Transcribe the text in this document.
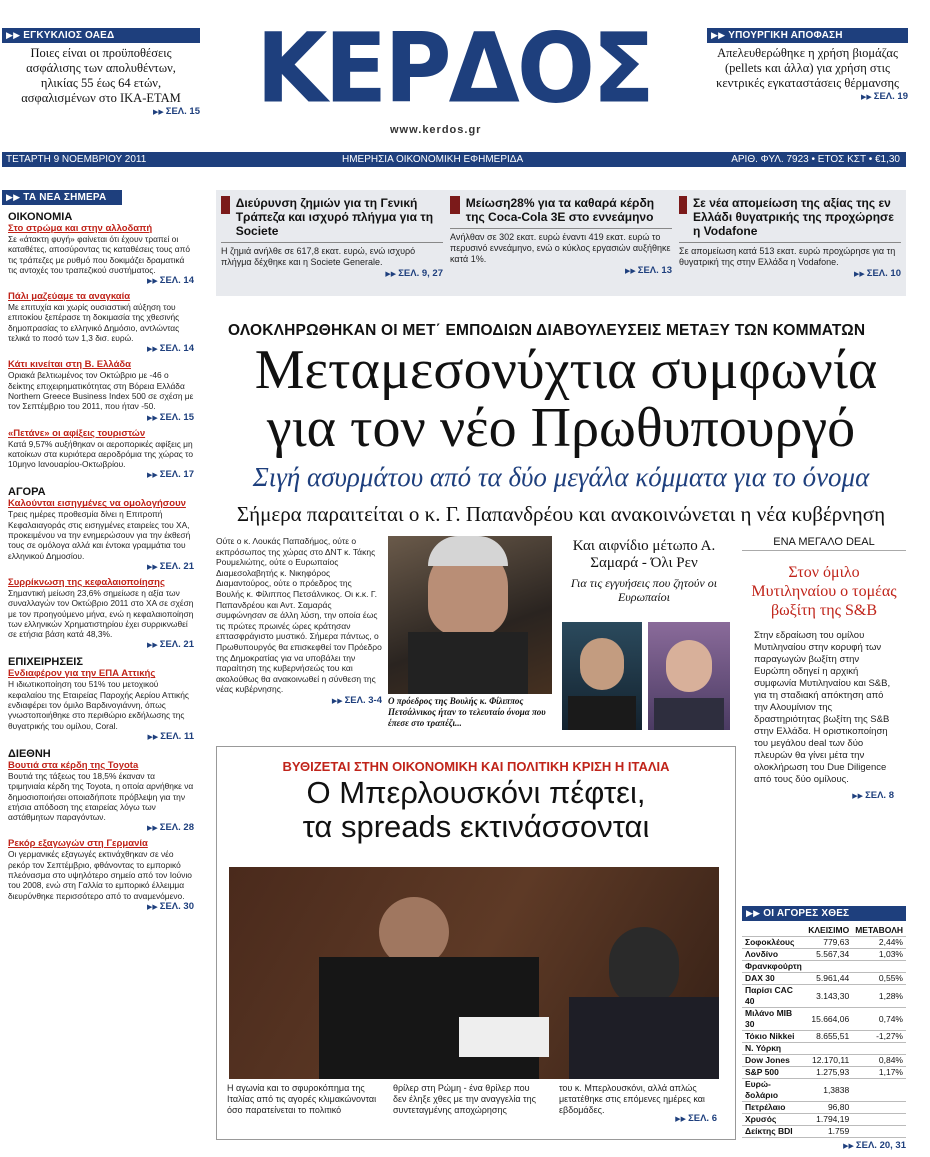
▶▶ ΕΓΚΥΚΛΙΟΣ ΟΑΕΔ
Ποιες είναι οι προϋποθέσεις ασφάλισης των απολυθέντων, ηλικίας 55 έως 64 ετών, ασφαλισμένων στο ΙΚΑ-ΕΤΑΜ
▶▶ ΣΕΛ. 15 ΚΕΡΔΟΣ
www.kerdos.gr
▶▶ ΥΠΟΥΡΓΙΚΗ ΑΠΟΦΑΣΗ
Απελευθερώθηκε η χρήση βιομάζας (pellets και άλλα) για χρήση στις κεντρικές εγκαταστάσεις θέρμανσης
▶▶ ΣΕΛ. 19
ΤΕΤΑΡΤΗ 9 ΝΟΕΜΒΡΙΟΥ 2011	ΗΜΕΡΗΣΙΑ ΟΙΚΟΝΟΜΙΚΗ ΕΦΗΜΕΡΙΔΑ	ΑΡΙΘ. ΦΥΛ. 7923 • ΕΤΟΣ ΚΣΤ • €1,30
▶▶ ΤΑ ΝΕΑ ΣΗΜΕΡΑ
ΟΙΚΟΝΟΜΙΑ
Στο στρώμα και στην αλλοδαπή
Σε «άτακτη φυγή» φαίνεται ότι έχουν τραπεί οι καταθέτες, αποσύροντας τις καταθέσεις τους από τις τράπεζες με ρυθμό που δοκιμάζει δραματικά τις αντοχές του τραπεζικού συστήματος.
▶▶ ΣΕΛ. 14
Πάλι μαζεύαμε τα αναγκαία
Με επιτυχία και χωρίς ουσιαστική αύξηση του επιτοκίου ξεπέρασε τη δοκιμασία της χθεσινής δημοπρασίας το ελληνικό Δημόσιο, αντλώντας τελικά το ποσό των 1,3 δισ. ευρώ.
▶▶ ΣΕΛ. 14
Κάτι κινείται στη Β. Ελλάδα
Οριακά βελτιωμένος τον Οκτώβριο με -46 ο δείκτης επιχειρηματικότητας στη Βόρεια Ελλάδα Northern Greece Business Index 500 σε σχέση με τον Σεπτέμβριο του 2011, που ήταν -50.
▶▶ ΣΕΛ. 15
«Πετάνε» οι αφίξεις τουριστών
Κατά 9,57% αυξήθηκαν οι αεροπορικές αφίξεις μη κατοίκων στα κυριότερα αεροδρόμια της χώρας το 10μηνο Ιανουαρίου-Οκτωβρίου.
▶▶ ΣΕΛ. 17
ΑΓΟΡΑ
Καλούνται εισηγμένες να ομολογήσουν
Τρεις ημέρες προθεσμία δίνει η Επιτροπή Κεφαλαιαγοράς στις εισηγμένες εταιρείες του ΧΑ, προκειμένου να την ενημερώσουν για την έκθεσή τους σε ομόλογα αλλά και έντοκα γραμμάτια του ελληνικού Δημοσίου.
▶▶ ΣΕΛ. 21
Συρρίκνωση της κεφαλαιοποίησης
Σημαντική μείωση 23,6% σημείωσε η αξία των συναλλαγών τον Οκτώβριο 2011 στο ΧΑ σε σχέση με τον προηγούμενο μήνα, ενώ η κεφαλαιοποίηση των ελληνικών Χρηματιστηρίου έχει συρρικνωθεί σε ετήσια βάση κατά 48,3%.
▶▶ ΣΕΛ. 21
ΕΠΙΧΕΙΡΗΣΕΙΣ
Ενδιαφέρον για την ΕΠΑ Αττικής
Η ιδιωτικοποίηση του 51% του μετοχικού κεφαλαίου της Εταιρείας Παροχής Αερίου Αττικής ενδιαφέρει τον όμιλο Βαρδινογιάννη, όπως γνωστοποιήθηκε στο περιθώριο εκδήλωσης της θυγατρικής του ομίλου, Coral.
▶▶ ΣΕΛ. 11
ΔΙΕΘΝΗ
Βουτιά στα κέρδη της Toyota
Βουτιά της τάξεως του 18,5% έκαναν τα τριμηνιαία κέρδη της Toyota, η οποία αρνήθηκε να δημοσιοποιήσει οποιαδήποτε πρόβλεψη για την ετήσια απόδοση της εταιρείας λόγω των αστάθμητων παραγόντων.
▶▶ ΣΕΛ. 28
Ρεκόρ εξαγωγών στη Γερμανία
Οι γερμανικές εξαγωγές εκτινάχθηκαν σε νέο ρεκόρ τον Σεπτέμβριο, φθάνοντας το εμπορικό πλεόνασμα στο υψηλότερο σημείο από τον Ιούνιο του 2008, ενώ στη Γαλλία το εμπορικό έλλειμμα διευρύνθηκε περισσότερο από το αναμενόμενο.
▶▶ ΣΕΛ. 30
Διεύρυνση ζημιών για τη Γενική Τράπεζα και ισχυρό πλήγμα για τη Societe
Η ζημιά ανήλθε σε 617,8 εκατ. ευρώ, ενώ ισχυρό πλήγμα δέχθηκε και η Societe Generale.
▶▶ ΣΕΛ. 9, 27
Μείωση28% για τα καθαρά κέρδη της Coca-Cola 3E στο εννεάμηνο
Ανήλθαν σε 302 εκατ. ευρώ έναντι 419 εκατ. ευρώ το περυσινό εννεάμηνο, ενώ ο κύκλος εργασιών αυξήθηκε κατά 1%.
▶▶ ΣΕΛ. 13
Σε νέα απομείωση της αξίας της εν Ελλάδι θυγατρικής της προχώρησε η Vodafone
Σε απομείωση κατά 513 εκατ. ευρώ προχώρησε για τη θυγατρική της στην Ελλάδα η Vodafone.
▶▶ ΣΕΛ. 10
ΟΛΟΚΛΗΡΩΘΗΚΑΝ ΟΙ ΜΕΤ΄ ΕΜΠΟΔΙΩΝ ΔΙΑΒΟΥΛΕΥΣΕΙΣ ΜΕΤΑΞΥ ΤΩΝ ΚΟΜΜΑΤΩΝ
Μεταμεσονύχτια συμφωνία
για τον νέο Πρωθυπουργό
Σιγή ασυρμάτου από τα δύο μεγάλα κόμματα για το όνομα
Σήμερα παραιτείται ο κ. Γ. Παπανδρέου και ανακοινώνεται η νέα κυβέρνηση
Ούτε ο κ. Λουκάς Παπαδήμος, ούτε ο εκπρόσωπος της χώρας στο ΔΝΤ κ. Τάκης Ρουμελιώτης, ούτε ο Ευρωπαίος Διαμεσολαβητής κ. Νικηφόρος Διαμαντούρος, ούτε ο πρόεδρος της Βουλής κ. Φίλιππος Πετσάλνικος. Οι κ.κ. Γ. Παπανδρέου και Αντ. Σαμαράς συμφώνησαν σε άλλη λύση, την οποία έως τις πρώτες πρωινές ώρες κράτησαν επτασφράγιστο μυστικό. Σήμερα πάντως, ο Πρωθυπουργός θα επισκεφθεί τον Πρόεδρο της Δημοκρατίας για να υποβάλει την παραίτηση της κυβερνήσεώς του και ακολούθως θα ανακοινωθεί η σύνθεση της νέας κυβέρνησης.
▶▶ ΣΕΛ. 3-4 Ο πρόεδρος της Βουλής κ. Φίλιππος Πετσάλνικος ήταν το τελευταίο όνομα που έπεσε στο τραπέζι...
Και αιφνίδιο μέτωπο Α. Σαμαρά - Όλι Ρεν
Για τις εγγυήσεις που ζητούν οι Ευρωπαίοι
ΕΝΑ ΜΕΓΑΛΟ DEAL
Στον όμιλο Μυτιληναίου ο τομέας βωξίτη της S&B
Στην εδραίωση του ομίλου Μυτιληναίου στην κορυφή των παραγωγών βωξίτη στην Ευρώπη οδηγεί η αρχική συμφωνία Μυτιληναίου και S&B, για τη σταδιακή απόκτηση από την Αλουμίνιον της δραστηριότητας βωξίτη της S&B στην Ελλάδα. Η οριστικοποίηση του μεγάλου deal των δύο πλευρών θα γίνει μέτα την ολοκλήρωση του Due Diligence από τους δύο ομίλους.
▶▶ ΣΕΛ. 8
ΒΥΘΙΖΕΤΑΙ ΣΤΗΝ ΟΙΚΟΝΟΜΙΚΗ ΚΑΙ ΠΟΛΙΤΙΚΗ ΚΡΙΣΗ Η ΙΤΑΛΙΑ
Ο Μπερλουσκόνι πέφτει,
τα spreads εκτινάσσονται
Η αγωνία και το σφυροκόπημα της Ιταλίας από τις αγορές κλιμακώνονται όσο παρατείνεται το πολιτικό
θρίλερ στη Ρώμη - ένα θρίλερ που δεν έληξε χθες με την αναγγελία της συντεταγμένης αποχώρησης
του κ. Μπερλουσκόνι, αλλά απλώς μετατέθηκε στις επόμενες ημέρες και εβδομάδες.
▶▶ ΣΕΛ. 6
▶▶ ΟΙ ΑΓΟΡΕΣ ΧΘΕΣ
	ΚΛΕΙΣΙΜΟ	ΜΕΤΑΒΟΛΗ
Σοφοκλέους	779,63	2,44%
Λονδίνο	5.567,34	1,03%
Φρανκφούρτη		
DAX 30	5.961,44	0,55%
Παρίσι CAC 40	3.143,30	1,28%
Μιλάνο MIB 30	15.664,06	0,74%
Τόκιο Nikkei	8.655,51	-1,27%
Ν. Υόρκη		
Dow Jones	12.170,11	0,84%
S&P 500	1.275,93	1,17%
Ευρώ-δολάριο	1,3838	
Πετρέλαιο	96,80	
Χρυσός	1.794,19	
Δείκτης BDI	1.759	
▶▶ ΣΕΛ. 20, 31
